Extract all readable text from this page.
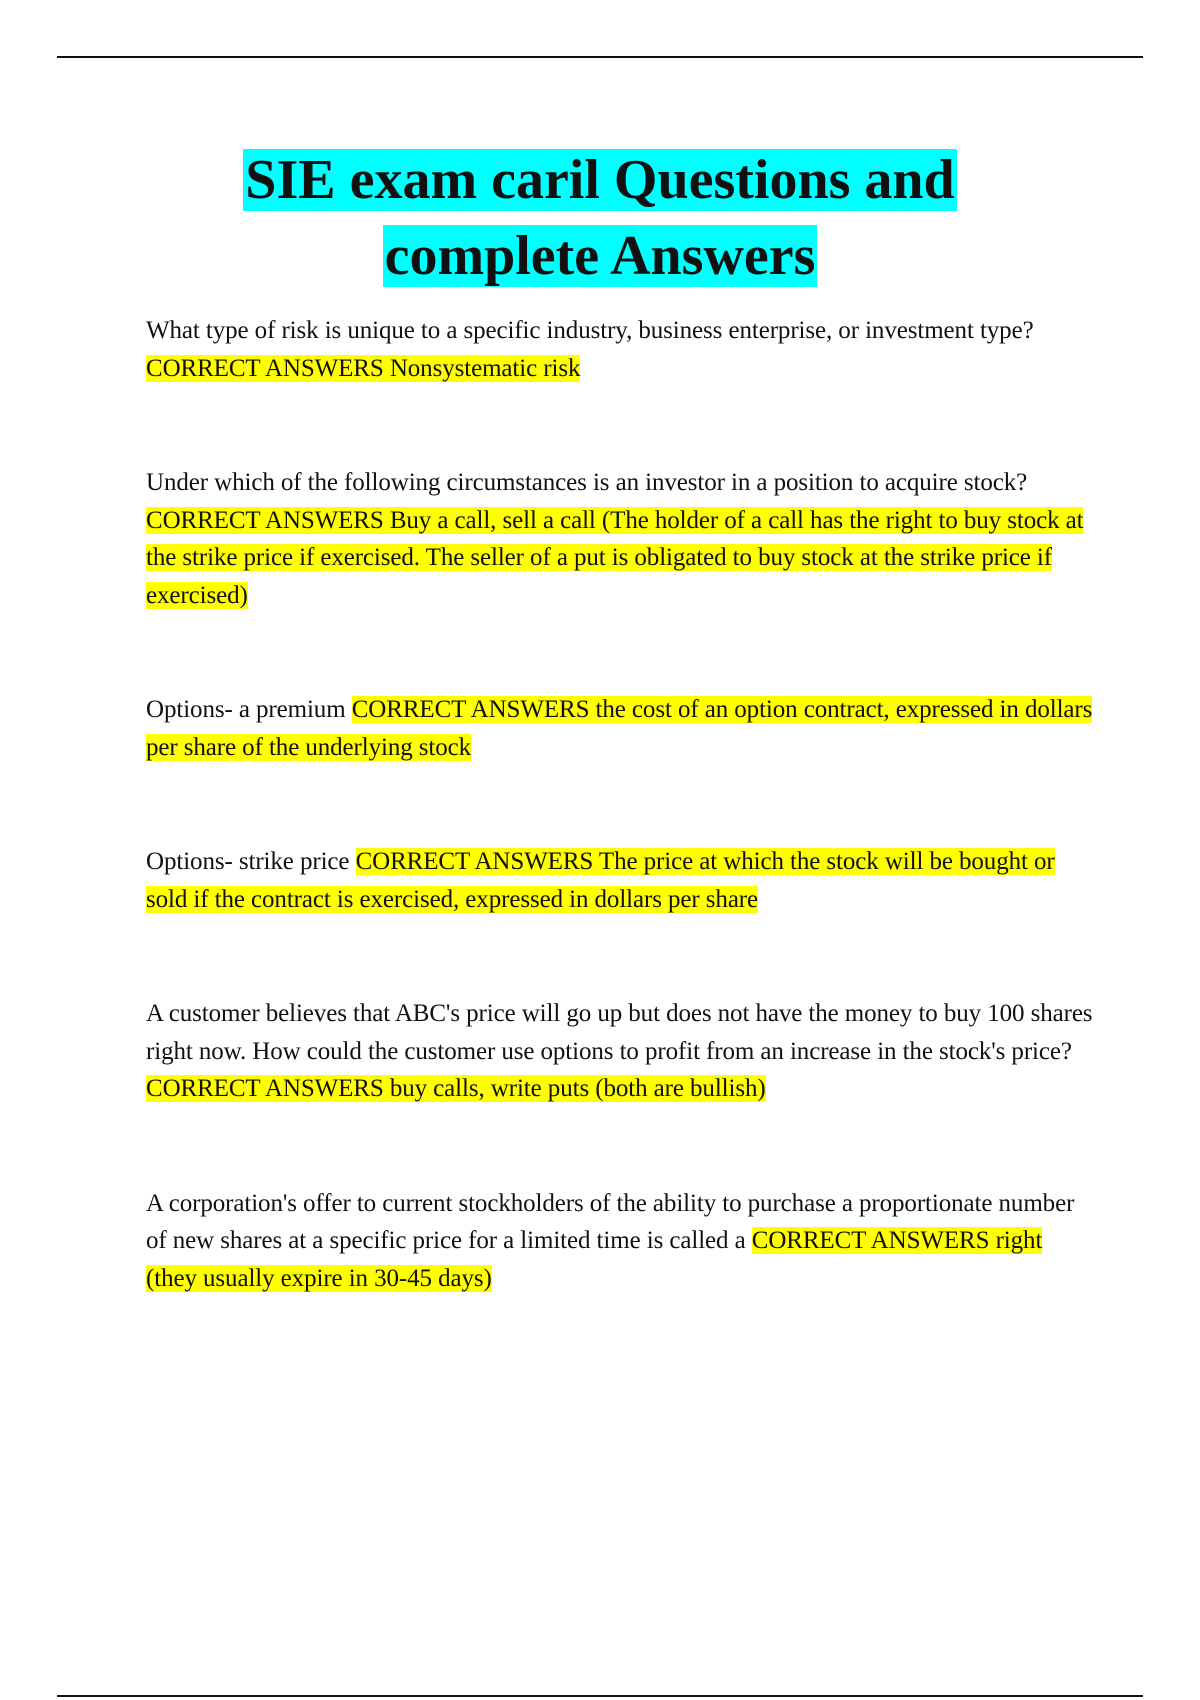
SIE exam caril Questions and
complete Answers

What type of risk is unique to a specific industry, business enterprise, or investment type? CORRECT ANSWERS Nonsystematic risk

Under which of the following circumstances is an investor in a position to acquire stock? CORRECT ANSWERS Buy a call, sell a call (The holder of a call has the right to buy stock at the strike price if exercised. The seller of a put is obligated to buy stock at the strike price if exercised)

Options- a premium CORRECT ANSWERS the cost of an option contract, expressed in dollars per share of the underlying stock

Options- strike price CORRECT ANSWERS The price at which the stock will be bought or sold if the contract is exercised, expressed in dollars per share

A customer believes that ABC's price will go up but does not have the money to buy 100 shares right now. How could the customer use options to profit from an increase in the stock's price? CORRECT ANSWERS buy calls, write puts (both are bullish)

A corporation's offer to current stockholders of the ability to purchase a proportionate number of new shares at a specific price for a limited time is called a CORRECT ANSWERS right (they usually expire in 30-45 days)
